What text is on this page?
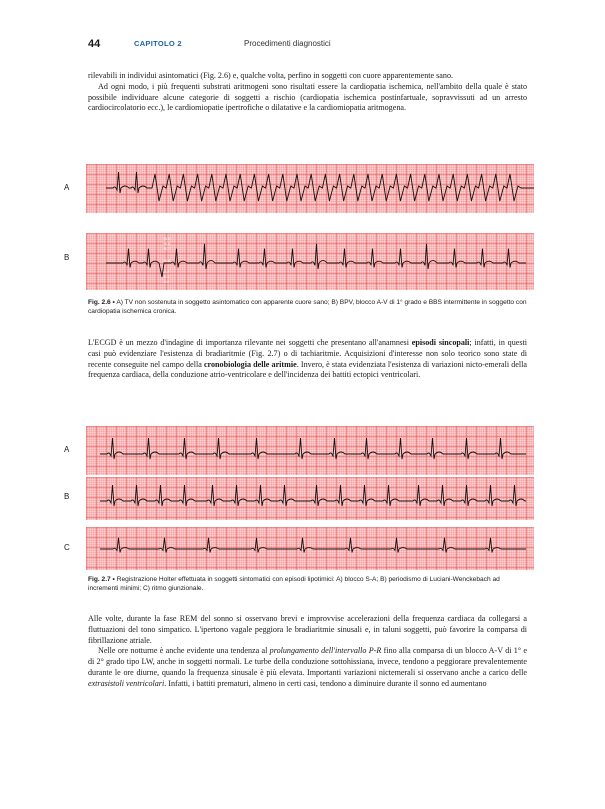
44	CAPITOLO 2	Procedimenti diagnostici

rilevabili in individui asintomatici (Fig. 2.6) e, qualche volta, perfino in soggetti con cuore apparentemente sano.

Ad ogni modo, i più frequenti substrati aritmogeni sono risultati essere la cardiopatia ischemica, nell'ambito della quale è stato possibile individuare alcune categorie di soggetti a rischio (cardiopatia ischemica postinfartuale, sopravvissuti ad un arresto cardiocircolatorio ecc.), le cardiomiopatie ipertrofiche o dilatative e la cardiomiopatia aritmogena.

A
B
+0.8
+0.8
+0.7
-0.2
-0.1
-0.0
+0.6
Fig. 2.6 • A) TV non sostenuta in soggetto asintomatico con apparente cuore sano; B) BPV, blocco A-V di 1° grado e BBS intermittente in soggetto con cardiopatia ischemica cronica.

L'ECGD è un mezzo d'indagine di importanza rilevante nei soggetti che presentano all'anamnesi episodi sincopali; infatti, in questi casi può evidenziare l'esistenza di bradiaritmie (Fig. 2.7) o di tachiaritmie. Acquisizioni d'interesse non solo teorico sono state di recente conseguite nel campo della cronobiologia delle aritmie. Invero, è stata evidenziata l'esistenza di variazioni nicto-emerali della frequenza cardiaca, della conduzione atrio-ventricolare e dell'incidenza dei battiti ectopici ventricolari.

A
B
C
Fig. 2.7 • Registrazione Holter effettuata in soggetti sintomatici con episodi lipotimici: A) blocco S-A; B) periodismo di Luciani-Wenckebach ad incrementi minimi; C) ritmo giunzionale.

Alle volte, durante la fase REM del sonno si osservano brevi e improvvise accelerazioni della frequenza cardiaca da collegarsi a fluttuazioni del tono simpatico. L'ipertono vagale peggiora le bradiaritmie sinusali e, in taluni soggetti, può favorire la comparsa di fibrillazione atriale.

Nelle ore notturne è anche evidente una tendenza al prolungamento dell'intervallo P-R fino alla comparsa di un blocco A-V di 1° e di 2° grado tipo LW, anche in soggetti normali. Le turbe della conduzione sottohissiana, invece, tendono a peggiorare prevalentemente durante le ore diurne, quando la frequenza sinusale è più elevata. Importanti variazioni nictemerali si osservano anche a carico delle extrasistoli ventricolari. Infatti, i battiti prematuri, almeno in certi casi, tendono a diminuire durante il sonno ed aumentano
